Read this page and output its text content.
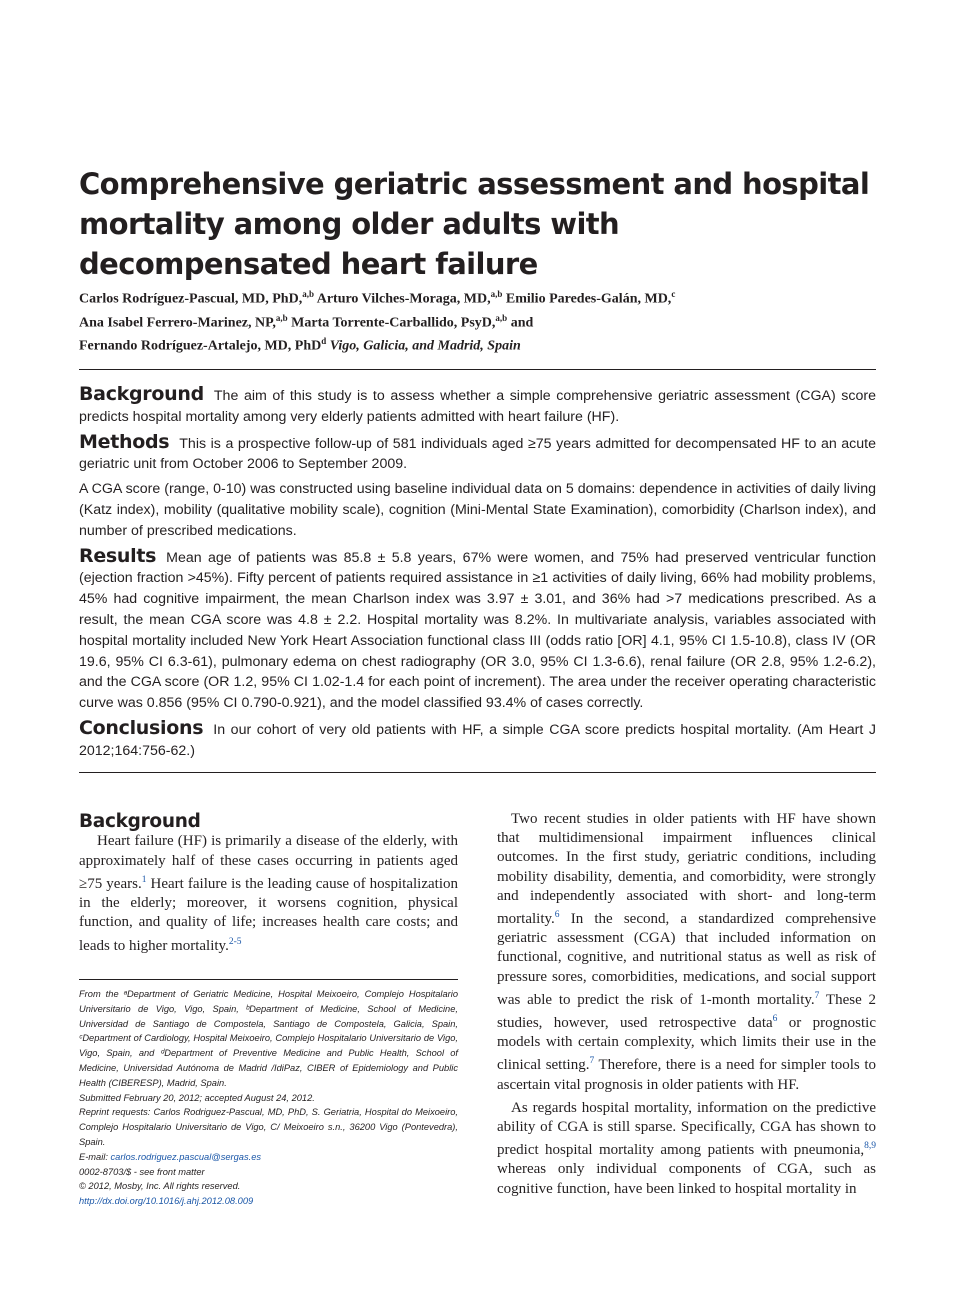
Comprehensive geriatric assessment and hospital mortality among older adults with decompensated heart failure

Carlos Rodríguez-Pascual, MD, PhD,$^{a,b}$ Arturo Vilches-Moraga, MD,$^{a,b}$ Emilio Paredes-Galán, MD,$^c$
Ana Isabel Ferrero-Marinez, NP,$^{a,b}$ Marta Torrente-Carballido, PsyD,$^{a,b}$ and
Fernando Rodríguez-Artalejo, MD, PhD$^d$ Vigo, Galicia, and Madrid, Spain

Background The aim of this study is to assess whether a simple comprehensive geriatric assessment (CGA) score predicts hospital mortality among very elderly patients admitted with heart failure (HF).

Methods This is a prospective follow-up of 581 individuals aged ≥75 years admitted for decompensated HF to an acute geriatric unit from October 2006 to September 2009.

A CGA score (range, 0-10) was constructed using baseline individual data on 5 domains: dependence in activities of daily living (Katz index), mobility (qualitative mobility scale), cognition (Mini-Mental State Examination), comorbidity (Charlson index), and number of prescribed medications.

Results Mean age of patients was 85.8 ± 5.8 years, 67% were women, and 75% had preserved ventricular function (ejection fraction >45%). Fifty percent of patients required assistance in ≥1 activities of daily living, 66% had mobility problems, 45% had cognitive impairment, the mean Charlson index was 3.97 ± 3.01, and 36% had >7 medications prescribed. As a result, the mean CGA score was 4.8 ± 2.2. Hospital mortality was 8.2%. In multivariate analysis, variables associated with hospital mortality included New York Heart Association functional class III (odds ratio [OR] 4.1, 95% CI 1.5-10.8), class IV (OR 19.6, 95% CI 6.3-61), pulmonary edema on chest radiography (OR 3.0, 95% CI 1.3-6.6), renal failure (OR 2.8, 95% 1.2-6.2), and the CGA score (OR 1.2, 95% CI 1.02-1.4 for each point of increment). The area under the receiver operating characteristic curve was 0.856 (95% CI 0.790-0.921), and the model classified 93.4% of cases correctly.

Conclusions In our cohort of very old patients with HF, a simple CGA score predicts hospital mortality. (Am Heart J 2012;164:756-62.)

Background

Heart failure (HF) is primarily a disease of the elderly, with approximately half of these cases occurring in patients aged ≥75 years.$^1$ Heart failure is the leading cause of hospitalization in the elderly; moreover, it worsens cognition, physical function, and quality of life; increases health care costs; and leads to higher mortality.$^{2-5}$

From the ᵃDepartment of Geriatric Medicine, Hospital Meixoeiro, Complejo Hospitalario Universitario de Vigo, Vigo, Spain, ᵇDepartment of Medicine, School of Medicine, Universidad de Santiago de Compostela, Santiago de Compostela, Galicia, Spain, ᶜDepartment of Cardiology, Hospital Meixoeiro, Complejo Hospitalario Universitario de Vigo, Vigo, Spain, and ᵈDepartment of Preventive Medicine and Public Health, School of Medicine, Universidad Autónoma de Madrid /IdiPaz, CIBER of Epidemiology and Public Health (CIBERESP), Madrid, Spain.

Submitted February 20, 2012; accepted August 24, 2012.

Reprint requests: Carlos Rodriguez-Pascual, MD, PhD, S. Geriatria, Hospital do Meixoeiro, Complejo Hospitalario Universitario de Vigo, C/ Meixoeiro s.n., 36200 Vigo (Pontevedra), Spain.

E-mail: carlos.rodriguez.pascual@sergas.es

0002-8703/$ - see front matter

© 2012, Mosby, Inc. All rights reserved.

http://dx.doi.org/10.1016/j.ahj.2012.08.009

Two recent studies in older patients with HF have shown that multidimensional impairment influences clinical outcomes. In the first study, geriatric conditions, including mobility disability, dementia, and comorbidity, were strongly and independently associated with short- and long-term mortality.$^6$ In the second, a standardized comprehensive geriatric assessment (CGA) that included information on functional, cognitive, and nutritional status as well as risk of pressure sores, comorbidities, medications, and social support was able to predict the risk of 1-month mortality.$^7$ These 2 studies, however, used retrospective data$^6$ or prognostic models with certain complexity, which limits their use in the clinical setting.$^7$ Therefore, there is a need for simpler tools to ascertain vital prognosis in older patients with HF.

As regards hospital mortality, information on the predictive ability of CGA is still sparse. Specifically, CGA has shown to predict hospital mortality among patients with pneumonia,$^{8,9}$ whereas only individual components of CGA, such as cognitive function, have been linked to hospital mortality in
